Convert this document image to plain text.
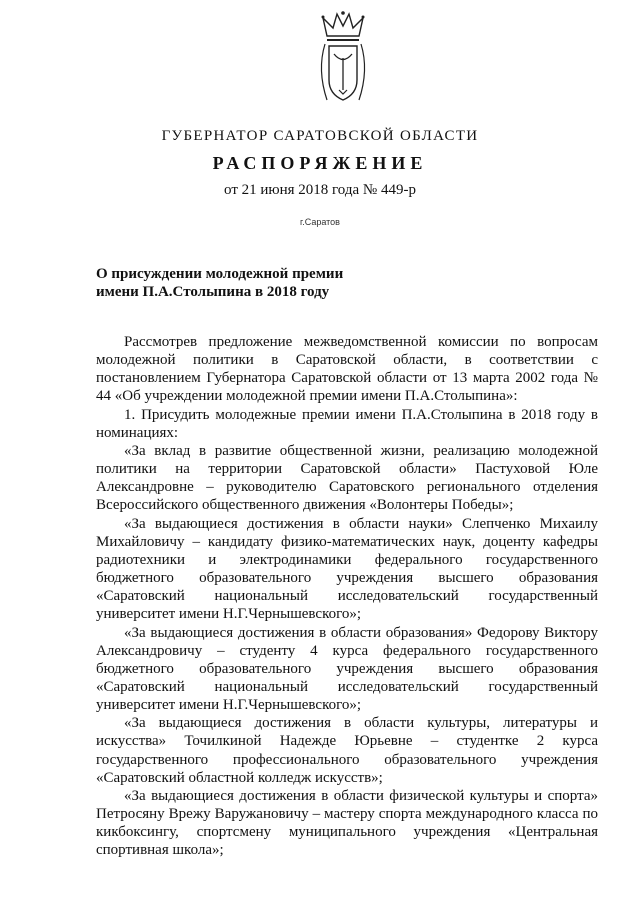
ГУБЕРНАТОР САРАТОВСКОЙ ОБЛАСТИ
РАСПОРЯЖЕНИЕ
от 21 июня 2018 года № 449-р
г.Саратов
О присуждении молодежной премии
имени П.А.Столыпина в 2018 году

Рассмотрев предложение межведомственной комиссии по вопросам молодежной политики в Саратовской области, в соответствии с постановлением Губернатора Саратовской области от 13 марта 2002 года № 44 «Об учреждении молодежной премии имени П.А.Столыпина»:

1. Присудить молодежные премии имени П.А.Столыпина в 2018 году в номинациях:

«За вклад в развитие общественной жизни, реализацию молодежной политики на территории Саратовской области» Пастуховой Юле Александровне – руководителю Саратовского регионального отделения Всероссийского общественного движения «Волонтеры Победы»;

«За выдающиеся достижения в области науки» Слепченко Михаилу Михайловичу – кандидату физико-математических наук, доценту кафедры радиотехники и электродинамики федерального государственного бюджетного образовательного учреждения высшего образования «Саратовский национальный исследовательский государственный университет имени Н.Г.Чернышевского»;

«За выдающиеся достижения в области образования» Федорову Виктору Александровичу – студенту 4 курса федерального государственного бюджетного образовательного учреждения высшего образования «Саратовский национальный исследовательский государственный университет имени Н.Г.Чернышевского»;

«За выдающиеся достижения в области культуры, литературы и искусства» Точилкиной Надежде Юрьевне – студентке 2 курса государственного профессионального образовательного учреждения «Саратовский областной колледж искусств»;

«За выдающиеся достижения в области физической культуры и спорта» Петросяну Врежу Варужановичу – мастеру спорта международного класса по кикбоксингу, спортсмену муниципального учреждения «Центральная спортивная школа»;
